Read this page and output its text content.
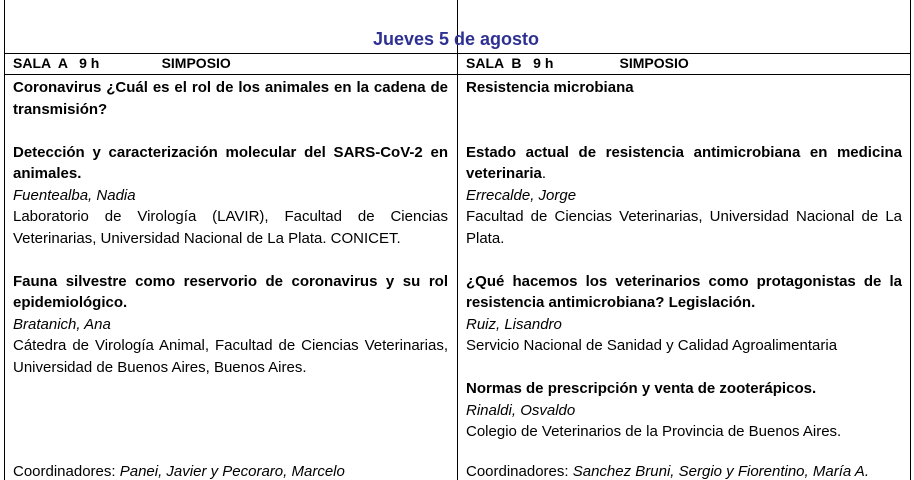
Jueves 5 de agosto
SALA  A   9 h                SIMPOSIO	SALA  B   9 h                 SIMPOSIO

Coronavirus ¿Cuál es el rol de los animales en la cadena de transmisión?

Detección y caracterización molecular del SARS-CoV-2 en animales.

Fuentealba, Nadia

Laboratorio de Virología (LAVIR), Facultad de Ciencias Veterinarias, Universidad Nacional de La Plata. CONICET.

Fauna silvestre como reservorio de coronavirus y su rol epidemiológico.

Bratanich, Ana

Cátedra de Virología Animal, Facultad de Ciencias Veterinarias, Universidad de Buenos Aires, Buenos Aires.

Resistencia microbiana

Estado actual de resistencia antimicrobiana en medicina veterinaria.

Errecalde, Jorge

Facultad de Ciencias Veterinarias, Universidad Nacional de La Plata.

¿Qué hacemos los veterinarios como protagonistas de la resistencia antimicrobiana? Legislación.

Ruiz, Lisandro

Servicio Nacional de Sanidad y Calidad Agroalimentaria

Normas de prescripción y venta de zooterápicos.

Rinaldi, Osvaldo

Colegio de Veterinarios de la Provincia de Buenos Aires.

Coordinadores: Panei, Javier y Pecoraro, Marcelo	Coordinadores: Sanchez Bruni, Sergio y Fiorentino, María A.
